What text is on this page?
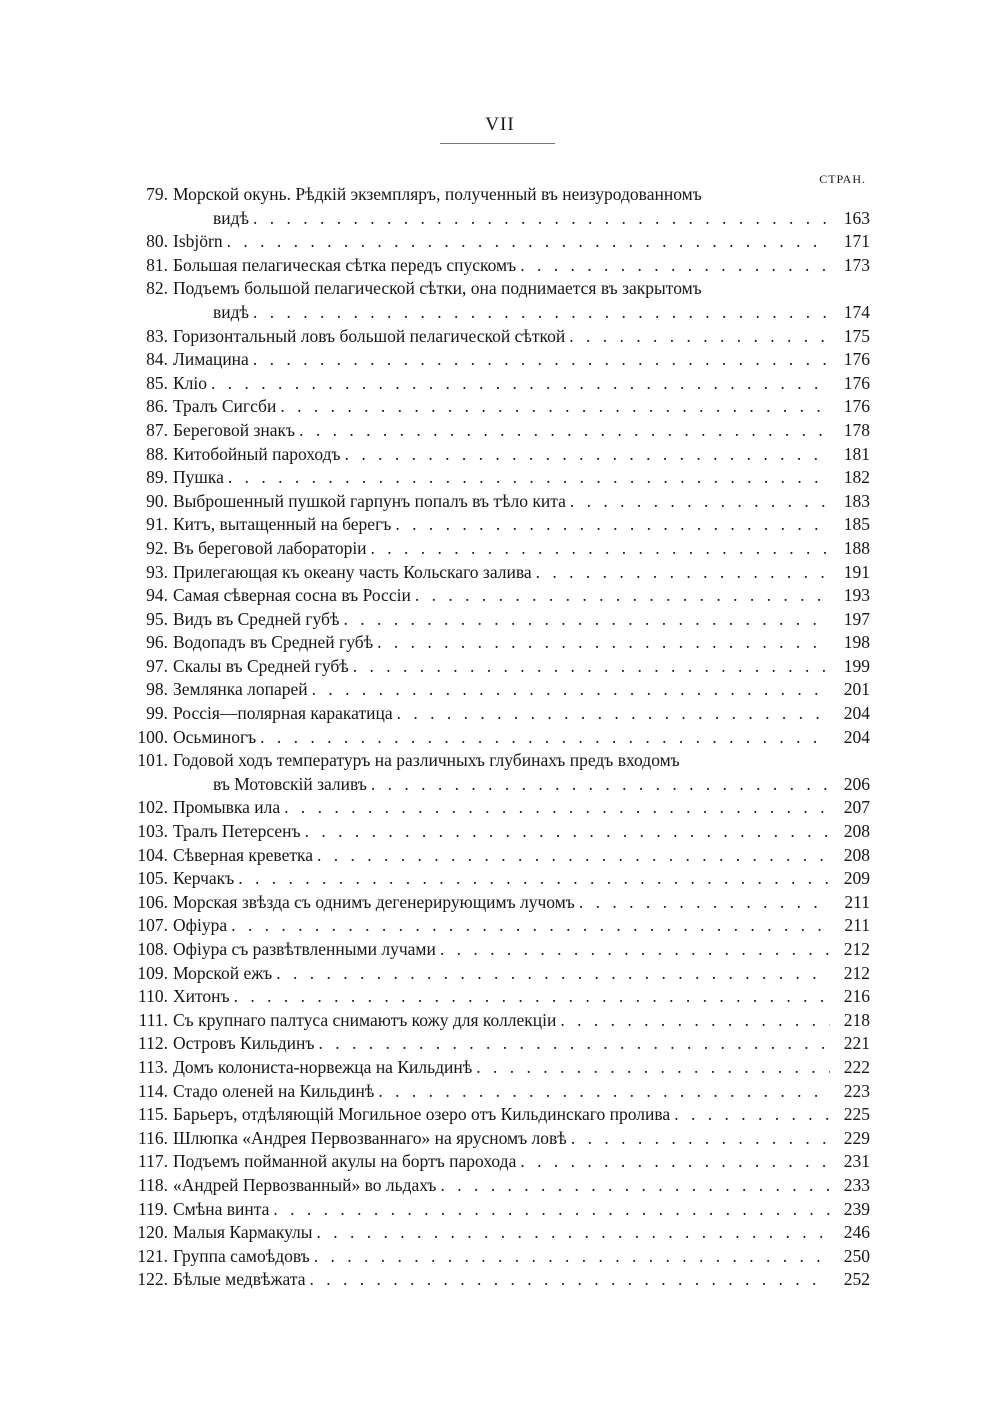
VII
СТРАН.
79. Морской окунь. Рѣдкій экземпляръ, полученный въ неизуродованномъ
видѣ . . .	163
80. Isbjörn . . .	171
81. Большая пелагическая сѣтка передъ спускомъ . . .	173
82. Подъемъ большой пелагической сѣтки, она поднимается въ закрытомъ
видѣ . . .	174
83. Горизонтальный ловъ большой пелагической сѣткой . . .	175
84. Лимацина . . .	176
85. Кліо . . .	176
86. Тралъ Сигсби . . .	176
87. Береговой знакъ . . .	178
88. Китобойный пароходъ . . .	181
89. Пушка . . .	182
90. Выброшенный пушкой гарпунъ попалъ въ тѣло кита . . .	183
91. Китъ, вытащенный на берегъ . . .	185
92. Въ береговой лабораторіи . . .	188
93. Прилегающая къ океану часть Кольскаго залива . . .	191
94. Самая сѣверная сосна въ Россіи . . .	193
95. Видъ въ Средней губѣ . . .	197
96. Водопадъ въ Средней губѣ . . .	198
97. Скалы въ Средней губѣ . . .	199
98. Землянка лопарей . . .	201
99. Россія—полярная каракатица . . .	204
100. Осьминогъ . . .	204
101. Годовой ходъ температуръ на различныхъ глубинахъ предъ входомъ
въ Мотовскій заливъ . . .	206
102. Промывка ила . . .	207
103. Тралъ Петерсенъ . . .	208
104. Сѣверная креветка . . .	208
105. Керчакъ . . .	209
106. Морская звѣзда съ однимъ дегенерирующимъ лучомъ . . .	211
107. Офіура . . .	211
108. Офіура съ развѣтвленными лучами . . .	212
109. Морской ежъ . . .	212
110. Хитонъ . . .	216
111. Съ крупнаго палтуса снимаютъ кожу для коллекціи . . .	218
112. Островъ Кильдинъ . . .	221
113. Домъ колониста-норвежца на Кильдинѣ . . .	222
114. Стадо оленей на Кильдинѣ . . .	223
115. Барьеръ, отдѣляющій Могильное озеро отъ Кильдинскаго пролива . . .	225
116. Шлюпка «Андрея Первозваннаго» на ярусномъ ловѣ . . .	229
117. Подъемъ пойманной акулы на бортъ парохода . . .	231
118. «Андрей Первозванный» во льдахъ . . .	233
119. Смѣна винта . . .	239
120. Малыя Кармакулы . . .	246
121. Группа самоѣдовъ . . .	250
122. Бѣлые медвѣжата . . .	252
